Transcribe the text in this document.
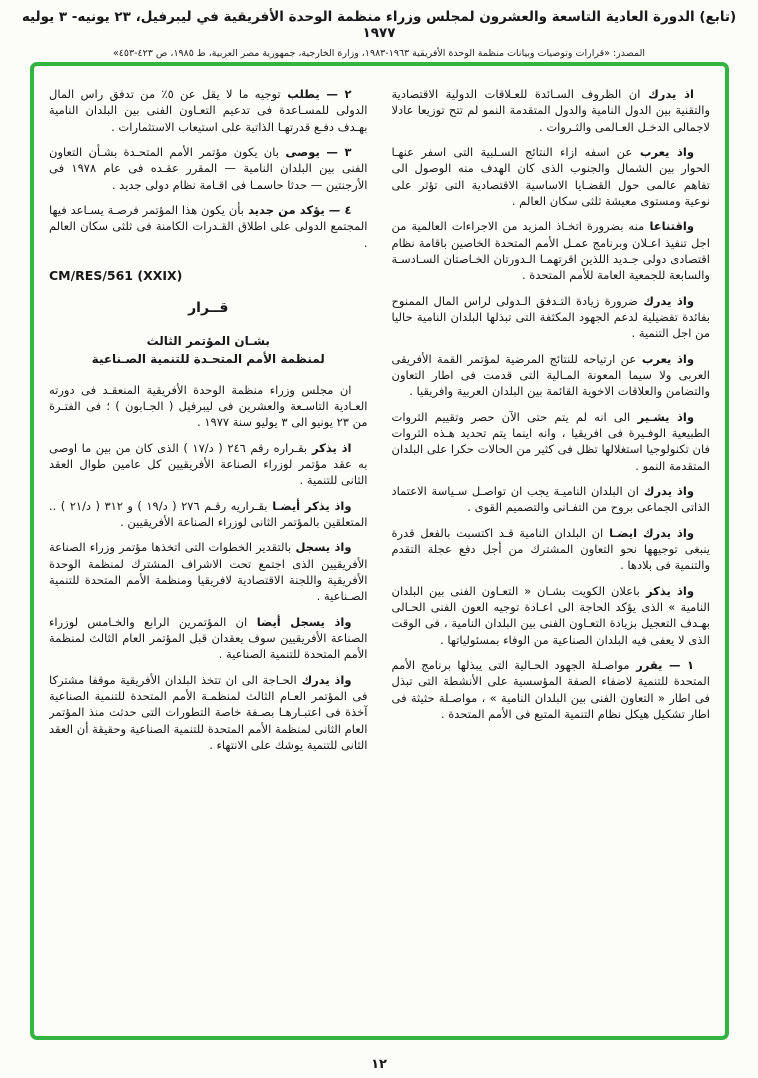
(تابع) الدورة العادية التاسعة والعشرون لمجلس وزراء منظمة الوحدة الأفريقية في ليبرفيل، ٢٣ يونيه- ٣ يوليه ١٩٧٧
المصدر: «قرارات وتوصيات وبيانات منظمة الوحدة الأفريقية ١٩٦٣-١٩٨٣، وزارة الخارجية، جمهورية مصر العربية، ط ١٩٨٥، ص ٤٢٣-٤٥٣»

اذ يدرك ان الظروف السـائدة للعـلاقات الدولية الاقتصادية والتقنية بين الدول النامية والدول المتقدمة النمو لم تتح توزيعا عادلا لاجمالى الدخـل العـالمى والثـروات .

واذ يعرب عن اسفه ازاء النتائج السـلبية التى اسفر عنهـا الحوار بين الشمال والجنوب الذى كان الهدف منه الوصول الى تفاهم عالمى حول القضـايا الاساسية الاقتصادية التى تؤثر على نوعية ومستوى معيشة ثلثى سكان العالم .

واقتناعا منه بضرورة اتخـاذ المزيد من الاجراءات العالمية من اجل تنفيذ اعـلان وبرنامج عمـل الأمم المتحدة الخاصين باقامة نظام اقتصادى دولى جـديد اللذين اقرتهمـا الـدورتان الخـاصتان السـادسـة والسابعة للجمعية العامة للأمم المتحدة .

واذ يدرك ضرورة زيادة التـدفق الـدولى لراس المال الممنوح بفائدة تفضيلية لدعم الجهود المكثفة التى تبذلها البلدان النامية حاليا من اجل التنمية .

واذ يعرب عن ارتياحه للنتائج المرضية لمؤتمر القمة الأفريقى العربى ولا سيما المعونة المـالية التى قدمت فى اطار التعاون والتضامن والعلاقات الاخوية القائمة بين البلدان العربية وافريقيا .

واذ يشـير الى انه لم يتم حتى الآن حصر وتقييم الثروات الطبيعية الوفـيرة فى افريقيا ، وانه اينما يتم تحديد هـذه الثروات فان تكنولوجيا استغلالها تظل فى كثير من الحالات حكرا على البلدان المتقدمة النمو .

واذ يدرك ان البلدان الناميـة يجب ان تواصـل سـياسة الاعتماد الذاتى الجماعى بروح من التفـانى والتصميم القوى .

واذ يدرك ايضـا ان البلدان النامية قـد اكتسبت بالفعل قدرة ينبغى توجيهها نحو التعاون المشترك من أجل دفع عجلة التقدم والتنمية فى بلادها .

واذ يذكر باعلان الكويت بشـان « التعـاون الفنى بين البلدان النامية » الذى يؤكد الحاجة الى اعـادة توجيه العون الفنى الحـالى بهـدف التعجيل بزيادة التعـاون الفنى بين البلدان النامية ، فى الوقت الذى لا يعفى فيه البلدان الصناعية من الوفاء بمسئولياتها .

١ — يقرر مواصـلة الجهود الحـالية التى يبذلها برنامج الأمم المتحدة للتنمية لاضفاء الصفة المؤسسية على الأنشطة التى تبذل فى اطار « التعاون الفنى بين البلدان النامية » ، مواصـلة حثيثة فى اطار تشكيل هيكل نظام التنمية المتبع فى الأمم المتحدة .

٢ — يطلب توجيه ما لا يقل عن ٥٪ من تدفق راس المال الدولى للمسـاعدة فى تدعيم التعـاون الفنى بين البلدان النامية بهـدف دفـع قدرتهـا الذاتية على استيعاب الاستثمارات .

٣ — يوصى بان يكون مؤتمر الأمم المتحـدة بشـأن التعاون الفنى بين البلدان النامية — المقرر عقـده فى عام ١٩٧٨ فى الأرجنتين — حدثا حاسمـا فى اقـامة نظام دولى جديد .

٤ — يؤكد من جديد بأن يكون هذا المؤتمر فرصـة يسـاعد فيها المجتمع الدولى على اطلاق القـدرات الكامنة فى ثلثى سكان العالم .

CM/RES/561 (XXIX)
قــرار
بشـان المؤتمر الثالث
لمنظمة الأمم المتحـدة للتنمية الصـناعية

ان مجلس وزراء منظمة الوحدة الأفريقية المنعقـد فى دورته العـادية التاسـعة والعشرين فى ليبرفيل ( الجـابون ) ؛ فى الفتـرة من ٢٣ يونيو الى ٣ يوليو سنة ١٩٧٧ .

اذ يذكر بقـراره رقم ٢٤٦ ( د/١٧ ) الذى كان من بين ما اوصى به عقد مؤتمر لوزراء الصناعة الأفريقيين كل عامين طوال العقد الثانى للتنمية .

واذ يذكر أيضـا بقـراريه رقـم ٢٧٦ ( د/١٩ ) و ٣١٢ ( د/٢١ ) .. المتعلقين بالمؤتمر الثانى لوزراء الصناعة الأفريقيين .

واذ يسجل بالتقدير الخطوات التى اتخذها مؤتمر وزراء الصناعة الأفريقيين الذى اجتمع تحت الاشراف المشترك لمنظمة الوحدة الأفريقية واللجنة الاقتصادية لافريقيا ومنظمة الأمم المتحدة للتنمية الصـناعية .

واذ يسجل أيضا ان المؤتمرين الرابع والخـامس لوزراء الصناعة الأفريقيين سوف يعقدان قبل المؤتمر العام الثالث لمنظمة الأمم المتحدة للتنمية الصناعية .

واذ يدرك الحـاجة الى ان تتخذ البلدان الأفريقية موقفا مشتركا فى المؤتمر العـام الثالث لمنظمـة الأمم المتحدة للتنمية الصناعية آخذة فى اعتبـارهـا بصـفة خاصة التطورات التى حدثت منذ المؤتمر العام الثانى لمنظمة الأمم المتحدة للتنمية الصناعية وحقيقة أن العقد الثانى للتنمية يوشك على الانتهاء .

١٢
